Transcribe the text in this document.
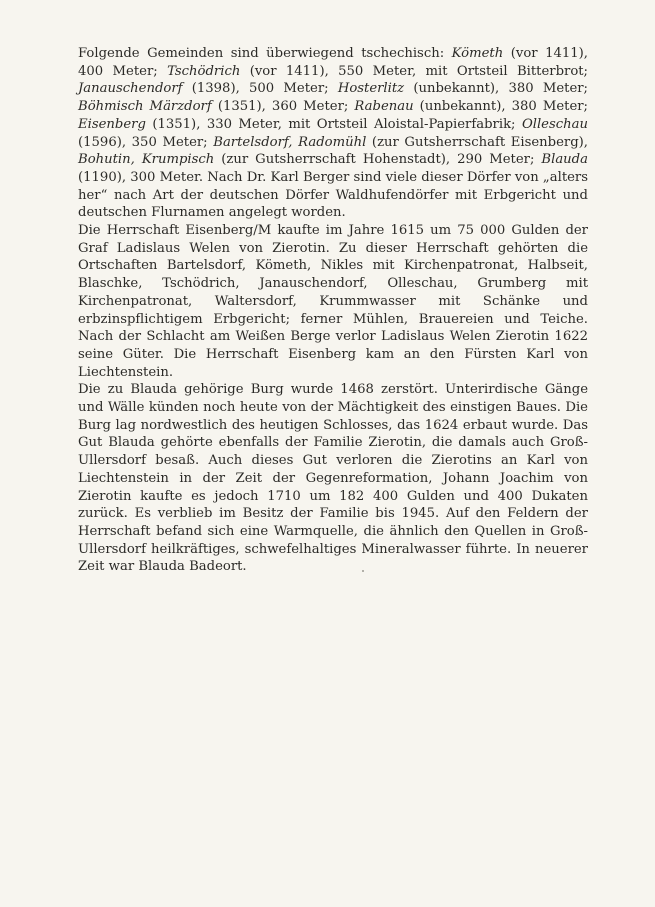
Folgende Gemeinden sind überwiegend tschechisch: Kömeth (vor 1411), 400 Meter; Tschödrich (vor 1411), 550 Meter, mit Ortsteil Bitterbrot; Janauschendorf (1398), 500 Meter; Hosterlitz (unbekannt), 380 Meter; Böhmisch Märzdorf (1351), 360 Meter; Rabenau (unbekannt), 380 Meter; Eisenberg (1351), 330 Meter, mit Ortsteil Aloistal-Papierfabrik; Olleschau (1596), 350 Meter; Bartelsdorf, Radomühl (zur Gutsherrschaft Eisenberg), Bohutin, Krumpisch (zur Gutsherrschaft Hohenstadt), 290 Meter; Blauda (1190), 300 Meter. Nach Dr. Karl Berger sind viele dieser Dörfer von „alters her“ nach Art der deutschen Dörfer Waldhufendörfer mit Erbgericht und deutschen Flurnamen angelegt worden.

Die Herrschaft Eisenberg/M kaufte im Jahre 1615 um 75 000 Gulden der Graf Ladislaus Welen von Zierotin. Zu dieser Herrschaft gehörten die Ortschaften Bartelsdorf, Kömeth, Nikles mit Kirchenpatronat, Halbseit, Blaschke, Tschödrich, Janauschendorf, Olleschau, Grumberg mit Kirchenpatronat, Waltersdorf, Krummwasser mit Schänke und erbzinspflichtigem Erbgericht; ferner Mühlen, Brauereien und Teiche. Nach der Schlacht am Weißen Berge verlor Ladislaus Welen Zierotin 1622 seine Güter. Die Herrschaft Eisenberg kam an den Fürsten Karl von Liechtenstein.

Die zu Blauda gehörige Burg wurde 1468 zerstört. Unterirdische Gänge und Wälle künden noch heute von der Mächtigkeit des einstigen Baues. Die Burg lag nordwestlich des heutigen Schlosses, das 1624 erbaut wurde. Das Gut Blauda gehörte ebenfalls der Familie Zierotin, die damals auch Groß-Ullersdorf besaß. Auch dieses Gut verloren die Zierotins an Karl von Liechtenstein in der Zeit der Gegenreformation, Johann Joachim von Zierotin kaufte es jedoch 1710 um 182 400 Gulden und 400 Dukaten zurück. Es verblieb im Besitz der Familie bis 1945. Auf den Feldern der Herrschaft befand sich eine Warmquelle, die ähnlich den Quellen in Groß-Ullersdorf heilkräftiges, schwefelhaltiges Mineralwasser führte. In neuerer Zeit war Blauda Badeort.
